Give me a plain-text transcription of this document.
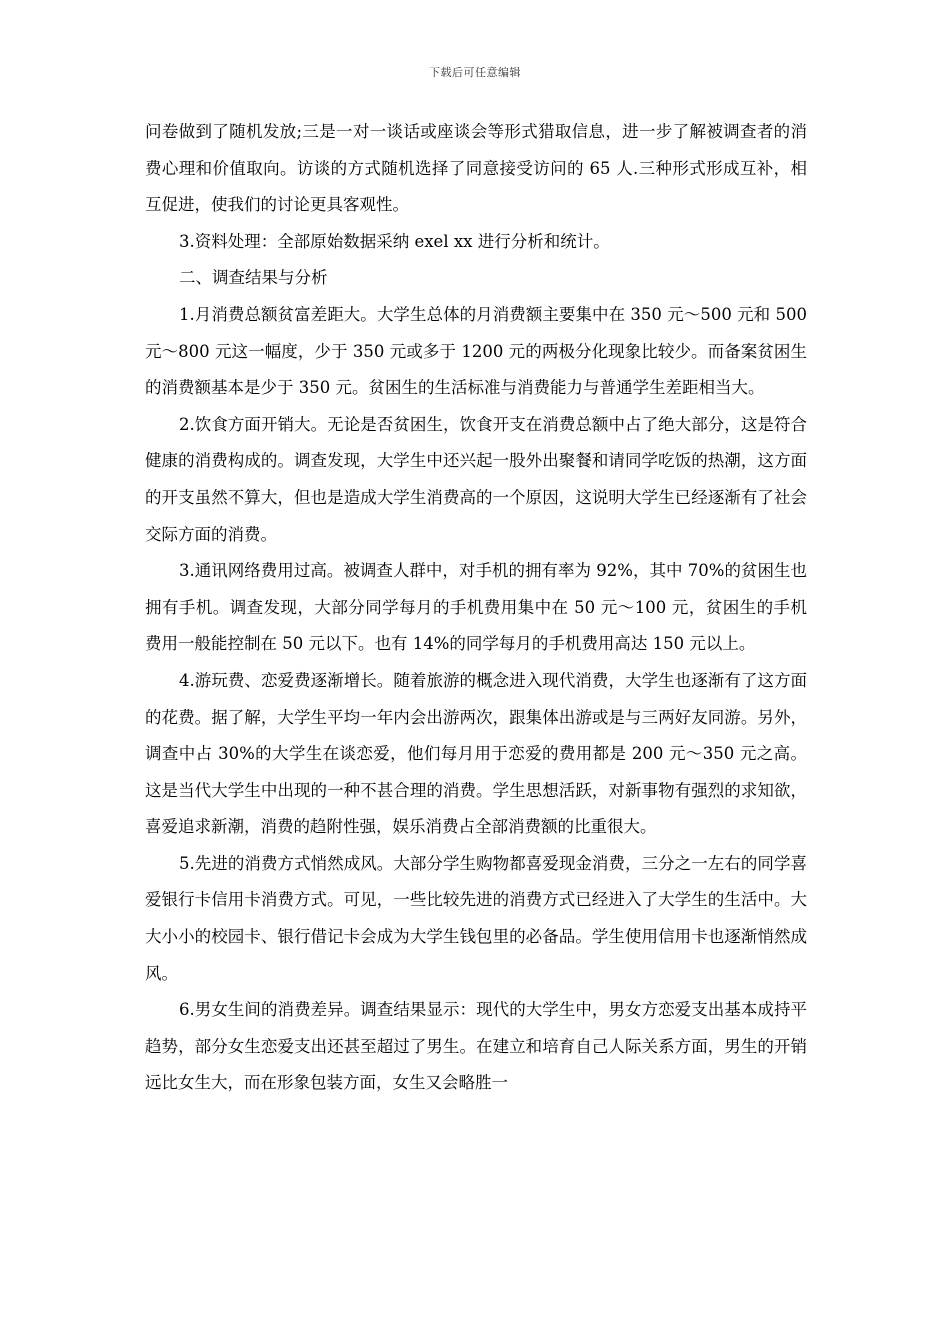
下载后可任意编辑

问卷做到了随机发放;三是一对一谈话或座谈会等形式猎取信息，进一步了解被调查者的消费心理和价值取向。访谈的方式随机选择了同意接受访问的 65 人.三种形式形成互补，相互促进，使我们的讨论更具客观性。

3.资料处理：全部原始数据采纳 exel xx 进行分析和统计。

二、调查结果与分析

1.月消费总额贫富差距大。大学生总体的月消费额主要集中在 350 元～500 元和 500 元～800 元这一幅度，少于 350 元或多于 1200 元的两极分化现象比较少。而备案贫困生的消费额基本是少于 350 元。贫困生的生活标准与消费能力与普通学生差距相当大。

2.饮食方面开销大。无论是否贫困生，饮食开支在消费总额中占了绝大部分，这是符合健康的消费构成的。调查发现，大学生中还兴起一股外出聚餐和请同学吃饭的热潮，这方面的开支虽然不算大，但也是造成大学生消费高的一个原因，这说明大学生已经逐渐有了社会交际方面的消费。

3.通讯网络费用过高。被调查人群中，对手机的拥有率为 92%，其中 70%的贫困生也拥有手机。调查发现，大部分同学每月的手机费用集中在 50 元～100 元，贫困生的手机费用一般能控制在 50 元以下。也有 14%的同学每月的手机费用高达 150 元以上。

4.游玩费、恋爱费逐渐增长。随着旅游的概念进入现代消费，大学生也逐渐有了这方面的花费。据了解，大学生平均一年内会出游两次，跟集体出游或是与三两好友同游。另外，调查中占 30%的大学生在谈恋爱，他们每月用于恋爱的费用都是 200 元～350 元之高。这是当代大学生中出现的一种不甚合理的消费。学生思想活跃，对新事物有强烈的求知欲，喜爱追求新潮，消费的趋附性强，娱乐消费占全部消费额的比重很大。

5.先进的消费方式悄然成风。大部分学生购物都喜爱现金消费，三分之一左右的同学喜爱银行卡信用卡消费方式。可见，一些比较先进的消费方式已经进入了大学生的生活中。大大小小的校园卡、银行借记卡会成为大学生钱包里的必备品。学生使用信用卡也逐渐悄然成风。

6.男女生间的消费差异。调查结果显示：现代的大学生中，男女方恋爱支出基本成持平趋势，部分女生恋爱支出还甚至超过了男生。在建立和培育自己人际关系方面，男生的开销远比女生大，而在形象包装方面，女生又会略胜一
